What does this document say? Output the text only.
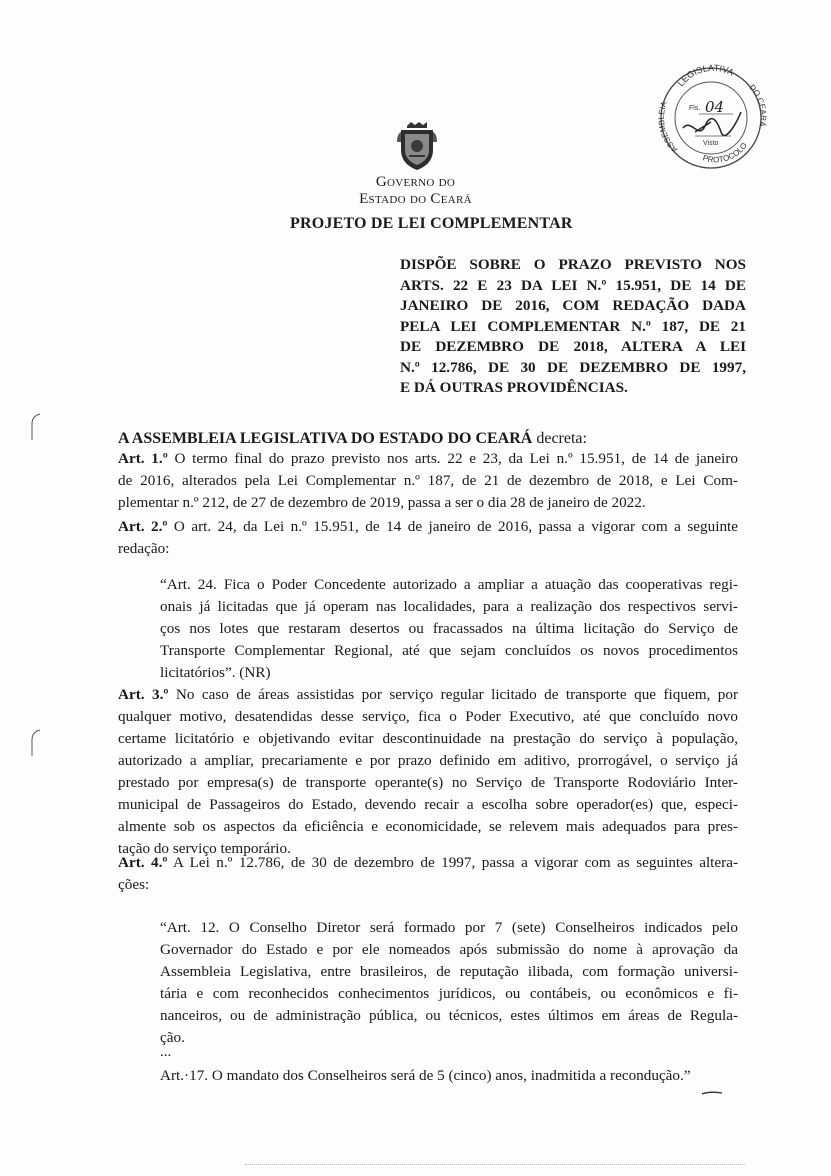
LEGISLATIVA
ASSEMBLEIA
DO CEARÁ
PROTOCOLO
Fls. 04
Visto
Governo do
Estado do Ceará
PROJETO DE LEI COMPLEMENTAR
DISPÕE SOBRE O PRAZO PREVISTO NOS
ARTS. 22 E 23 DA LEI N.º 15.951, DE 14 DE
JANEIRO DE 2016, COM REDAÇÃO DADA
PELA LEI COMPLEMENTAR N.º 187, DE 21
DE DEZEMBRO DE 2018, ALTERA A LEI
N.º 12.786, DE 30 DE DEZEMBRO DE 1997,
E DÁ OUTRAS PROVIDÊNCIAS.
A ASSEMBLEIA LEGISLATIVA DO ESTADO DO CEARÁ decreta:
Art. 1.º O termo final do prazo previsto nos arts. 22 e 23, da Lei n.º 15.951, de 14 de janeiro
de 2016, alterados pela Lei Complementar n.º 187, de 21 de dezembro de 2018, e Lei Com-
plementar n.º 212, de 27 de dezembro de 2019, passa a ser o dia 28 de janeiro de 2022.
Art. 2.º O art. 24, da Lei n.º 15.951, de 14 de janeiro de 2016, passa a vigorar com a seguinte
redação:
“Art. 24. Fica o Poder Concedente autorizado a ampliar a atuação das cooperativas regi-
onais já licitadas que já operam nas localidades, para a realização dos respectivos servi-
ços nos lotes que restaram desertos ou fracassados na última licitação do Serviço de
Transporte Complementar Regional, até que sejam concluídos os novos procedimentos
licitatórios”. (NR)
Art. 3.º No caso de áreas assistidas por serviço regular licitado de transporte que fiquem, por
qualquer motivo, desatendidas desse serviço, fica o Poder Executivo, até que concluído novo
certame licitatório e objetivando evitar descontinuidade na prestação do serviço à população,
autorizado a ampliar, precariamente e por prazo definido em aditivo, prorrogável, o serviço já
prestado por empresa(s) de transporte operante(s) no Serviço de Transporte Rodoviário Inter-
municipal de Passageiros do Estado, devendo recair a escolha sobre operador(es) que, especi-
almente sob os aspectos da eficiência e economicidade, se relevem mais adequados para pres-
tação do serviço temporário.
Art. 4.º A Lei n.º 12.786, de 30 de dezembro de 1997, passa a vigorar com as seguintes altera-
ções:
“Art. 12. O Conselho Diretor será formado por 7 (sete) Conselheiros indicados pelo
Governador do Estado e por ele nomeados após submissão do nome à aprovação da
Assembleia Legislativa, entre brasileiros, de reputação ilibada, com formação universi-
tária e com reconhecidos conhecimentos jurídicos, ou contábeis, ou econômicos e fi-
nanceiros, ou de administração pública, ou técnicos, estes últimos em áreas de Regula-
ção.
...
Art.·17. O mandato dos Conselheiros será de 5 (cinco) anos, inadmitida a recondução.”
